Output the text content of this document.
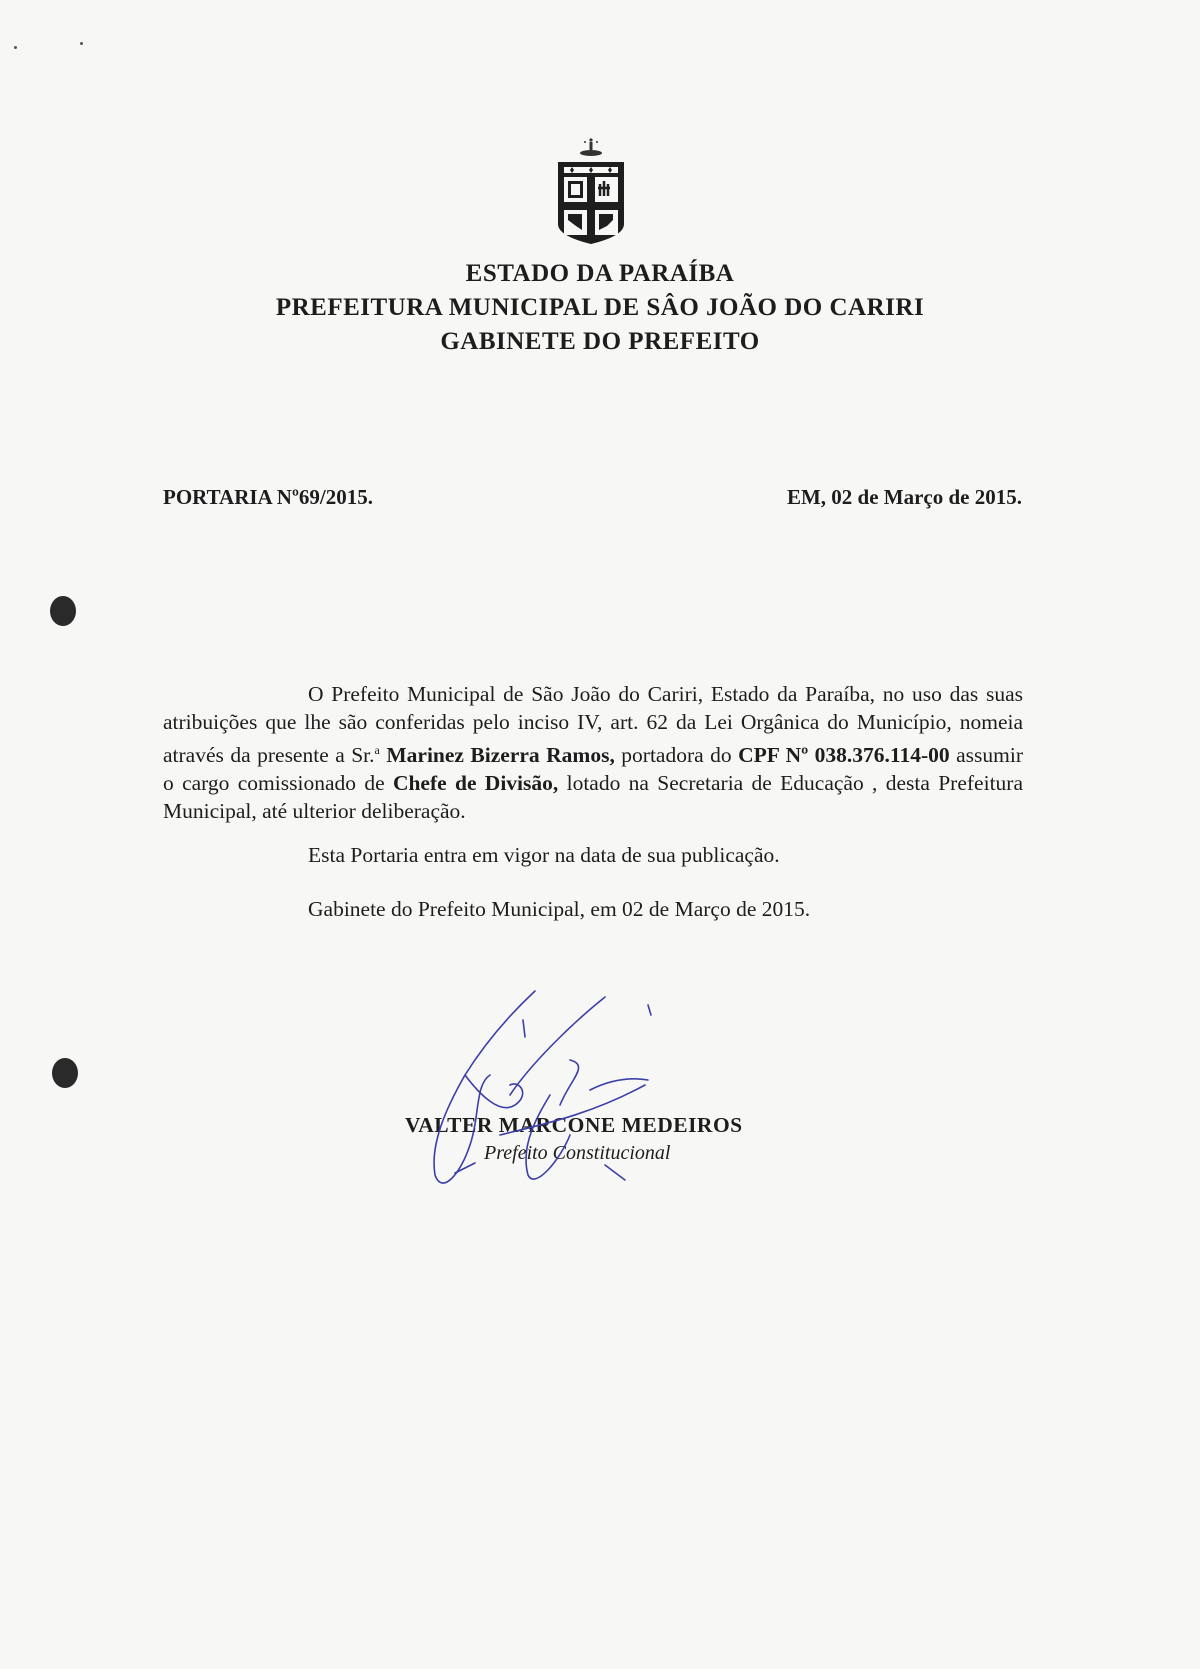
ESTADO DA PARAÍBA
PREFEITURA MUNICIPAL DE SÂO JOÃO DO CARIRI
GABINETE DO PREFEITO
PORTARIA Nº69/2015.	EM, 02 de Março de 2015.
O Prefeito Municipal de São João do Cariri, Estado da Paraíba, no uso das suas atribuições que lhe são conferidas pelo inciso IV, art. 62 da Lei Orgânica do Município, nomeia através da presente a Sr.$^a$ Marinez Bizerra Ramos, portadora do CPF Nº 038.376.114-00 assumir o cargo comissionado de Chefe de Divisão, lotado na Secretaria de Educação , desta Prefeitura Municipal, até ulterior deliberação.
Esta Portaria entra em vigor na data de sua publicação.
Gabinete do Prefeito Municipal, em 02 de Março de 2015.
VALTER MARCONE MEDEIROS
Prefeito Constitucional
